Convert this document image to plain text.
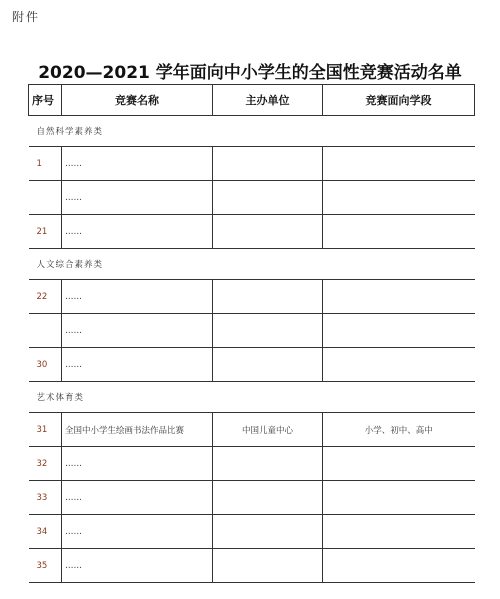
附件
2020—2021 学年面向中小学生的全国性竞赛活动名单
序号	竞赛名称	主办单位	竞赛面向学段
自然科学素养类			
1	……		
	……		
21	……		
人文综合素养类			
22	……		
	……		
30	……		
艺术体育类			
31	全国中小学生绘画书法作品比赛	中国儿童中心	小学、初中、高中
32	……		
33	……		
34	……		
35	……		
